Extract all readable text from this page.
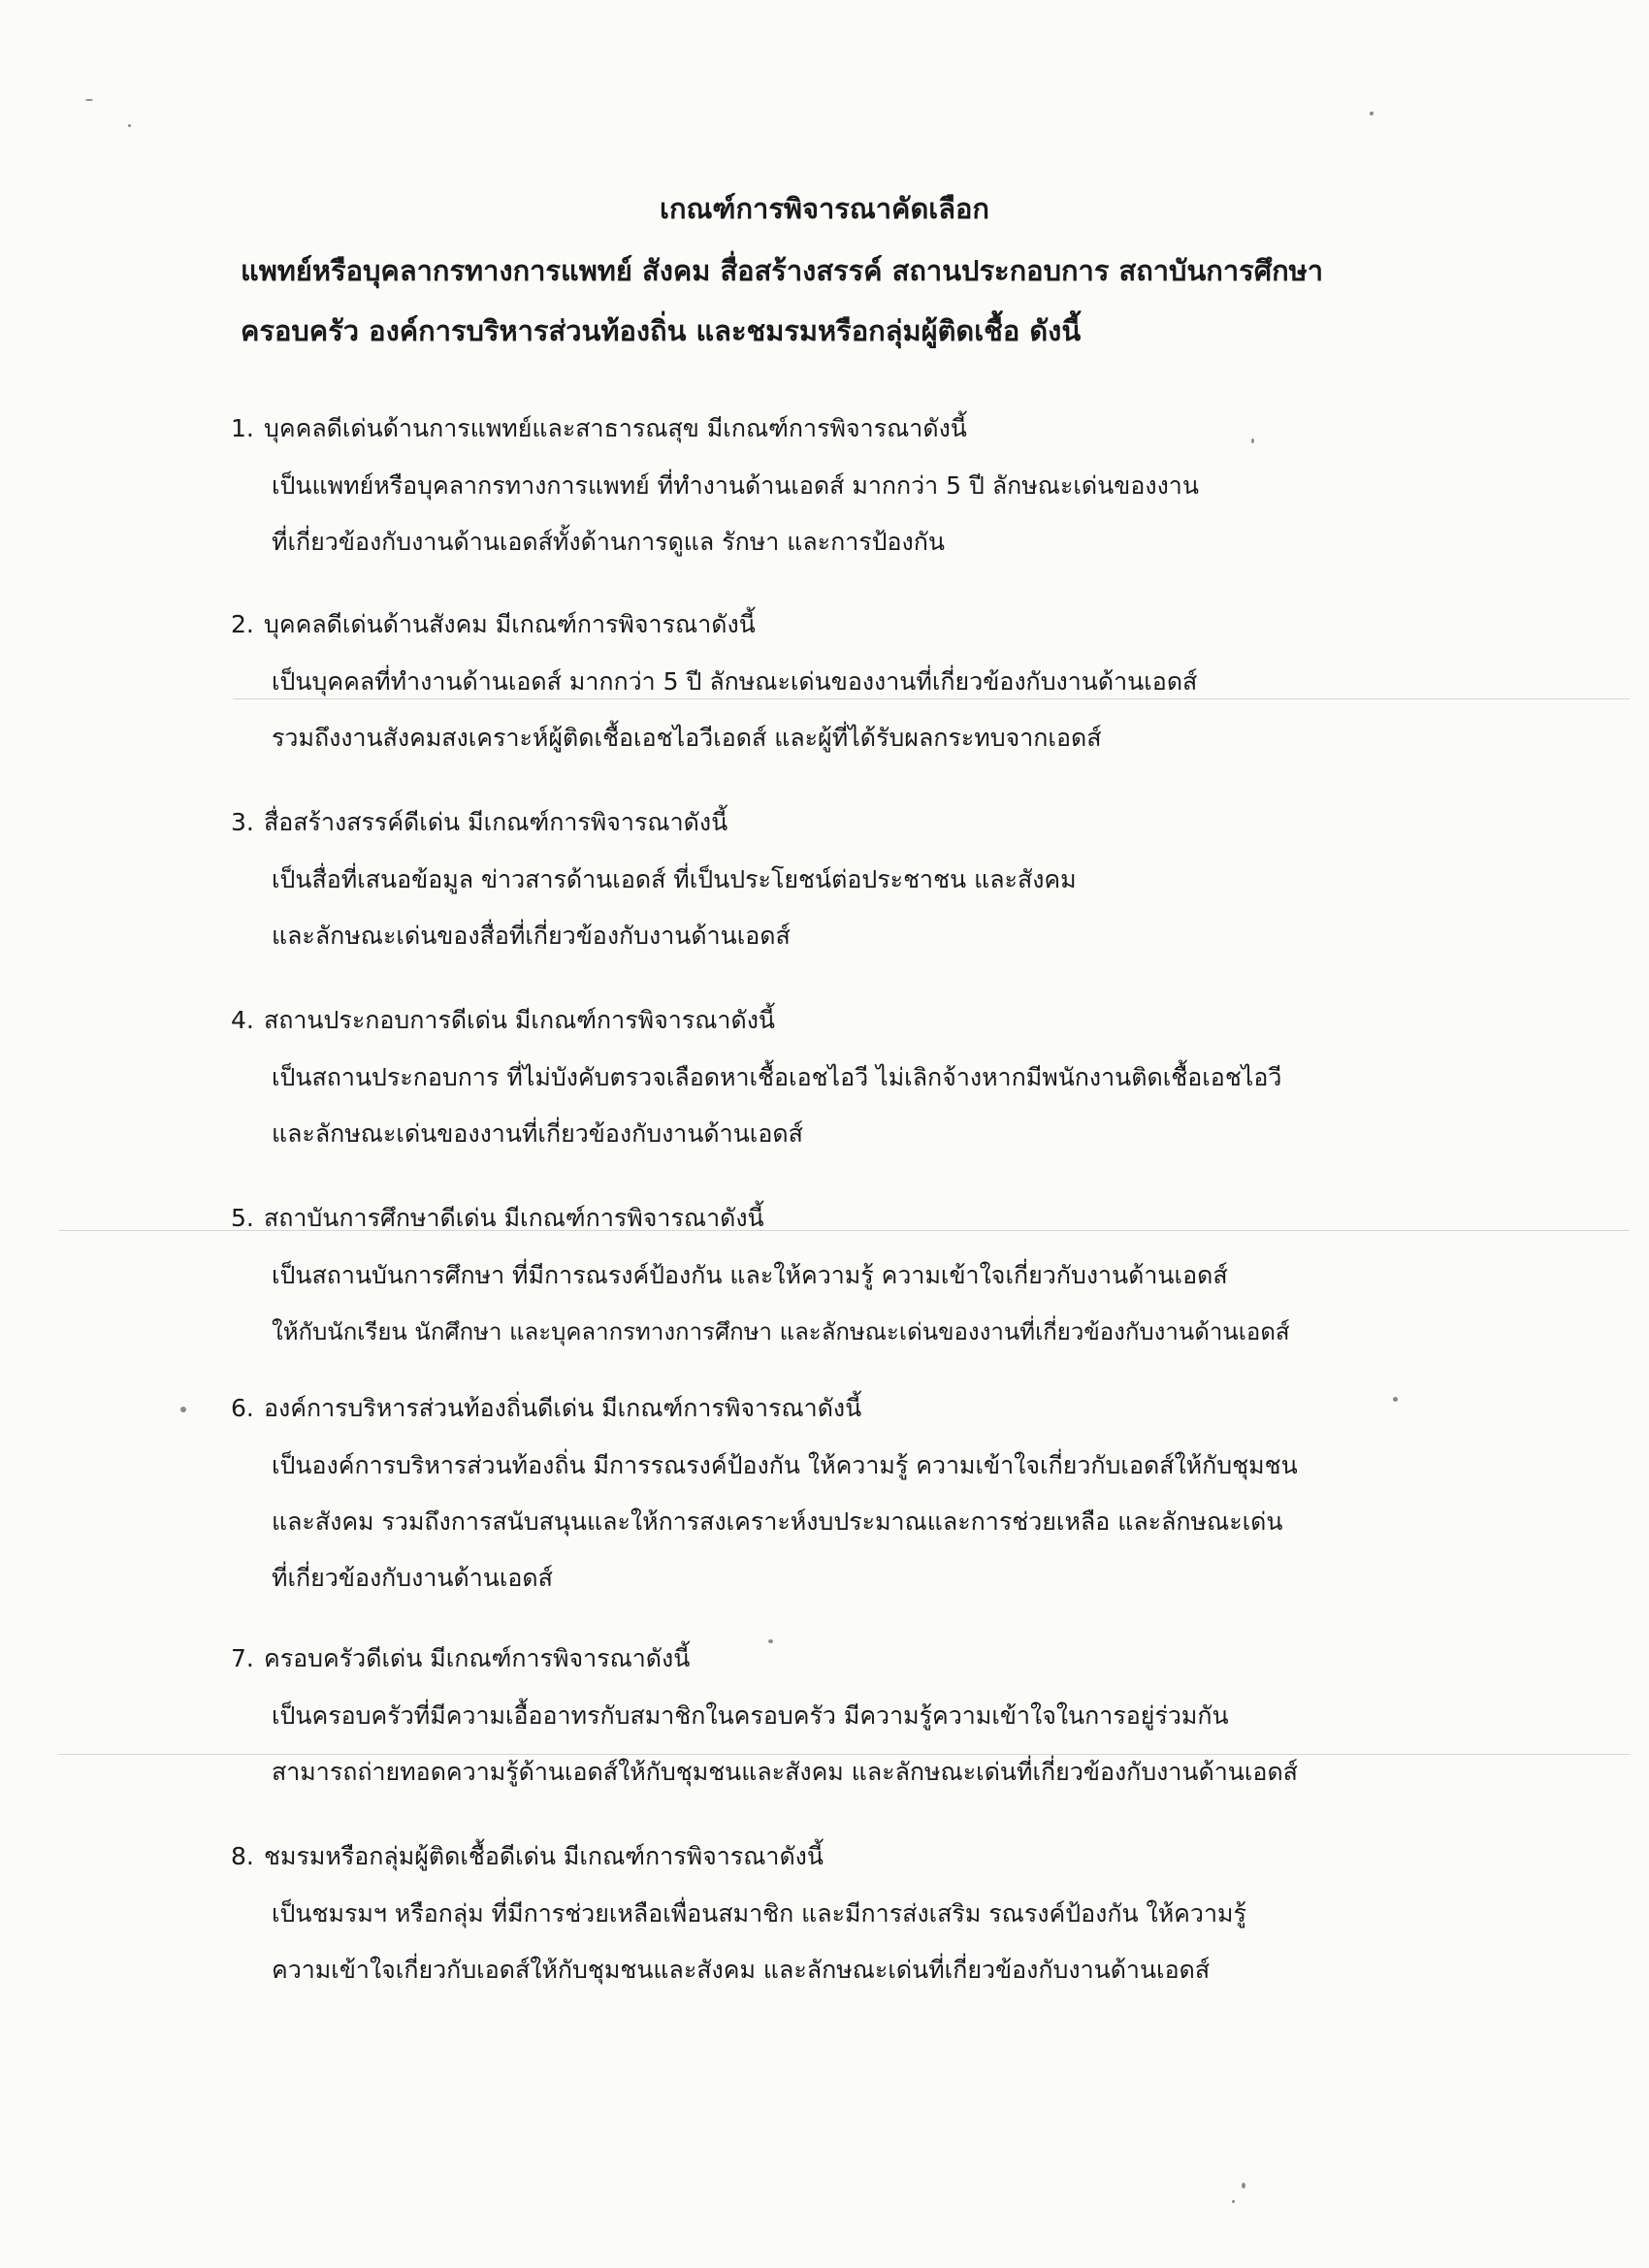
เกณฑ์การพิจารณาคัดเลือก
แพทย์หรือบุคลากรทางการแพทย์ สังคม สื่อสร้างสรรค์ สถานประกอบการ สถาบันการศึกษา
ครอบครัว องค์การบริหารส่วนท้องถิ่น และชมรมหรือกลุ่มผู้ติดเชื้อ ดังนี้
1. บุคคลดีเด่นด้านการแพทย์และสาธารณสุข มีเกณฑ์การพิจารณาดังนี้
เป็นแพทย์หรือบุคลากรทางการแพทย์ ที่ทำงานด้านเอดส์ มากกว่า 5 ปี ลักษณะเด่นของงาน
ที่เกี่ยวข้องกับงานด้านเอดส์ทั้งด้านการดูแล รักษา และการป้องกัน
2. บุคคลดีเด่นด้านสังคม มีเกณฑ์การพิจารณาดังนี้
เป็นบุคคลที่ทำงานด้านเอดส์ มากกว่า 5 ปี ลักษณะเด่นของงานที่เกี่ยวข้องกับงานด้านเอดส์
รวมถึงงานสังคมสงเคราะห์ผู้ติดเชื้อเอชไอวีเอดส์ และผู้ที่ได้รับผลกระทบจากเอดส์
3. สื่อสร้างสรรค์ดีเด่น มีเกณฑ์การพิจารณาดังนี้
เป็นสื่อที่เสนอข้อมูล ข่าวสารด้านเอดส์ ที่เป็นประโยชน์ต่อประชาชน และสังคม
และลักษณะเด่นของสื่อที่เกี่ยวข้องกับงานด้านเอดส์
4. สถานประกอบการดีเด่น มีเกณฑ์การพิจารณาดังนี้
เป็นสถานประกอบการ ที่ไม่บังคับตรวจเลือดหาเชื้อเอชไอวี ไม่เลิกจ้างหากมีพนักงานติดเชื้อเอชไอวี
และลักษณะเด่นของงานที่เกี่ยวข้องกับงานด้านเอดส์
5. สถาบันการศึกษาดีเด่น มีเกณฑ์การพิจารณาดังนี้
เป็นสถานบันการศึกษา ที่มีการณรงค์ป้องกัน และให้ความรู้ ความเข้าใจเกี่ยวกับงานด้านเอดส์
ให้กับนักเรียน นักศึกษา และบุคลากรทางการศึกษา และลักษณะเด่นของงานที่เกี่ยวข้องกับงานด้านเอดส์
6. องค์การบริหารส่วนท้องถิ่นดีเด่น มีเกณฑ์การพิจารณาดังนี้
เป็นองค์การบริหารส่วนท้องถิ่น มีการรณรงค์ป้องกัน ให้ความรู้ ความเข้าใจเกี่ยวกับเอดส์ให้กับชุมชน
และสังคม รวมถึงการสนับสนุนและให้การสงเคราะห์งบประมาณและการช่วยเหลือ และลักษณะเด่น
ที่เกี่ยวข้องกับงานด้านเอดส์
7. ครอบครัวดีเด่น มีเกณฑ์การพิจารณาดังนี้
เป็นครอบครัวที่มีความเอื้ออาทรกับสมาชิกในครอบครัว มีความรู้ความเข้าใจในการอยู่ร่วมกัน
สามารถถ่ายทอดความรู้ด้านเอดส์ให้กับชุมชนและสังคม และลักษณะเด่นที่เกี่ยวข้องกับงานด้านเอดส์
8. ชมรมหรือกลุ่มผู้ติดเชื้อดีเด่น มีเกณฑ์การพิจารณาดังนี้
เป็นชมรมฯ หรือกลุ่ม ที่มีการช่วยเหลือเพื่อนสมาชิก และมีการส่งเสริม รณรงค์ป้องกัน ให้ความรู้
ความเข้าใจเกี่ยวกับเอดส์ให้กับชุมชนและสังคม และลักษณะเด่นที่เกี่ยวข้องกับงานด้านเอดส์
